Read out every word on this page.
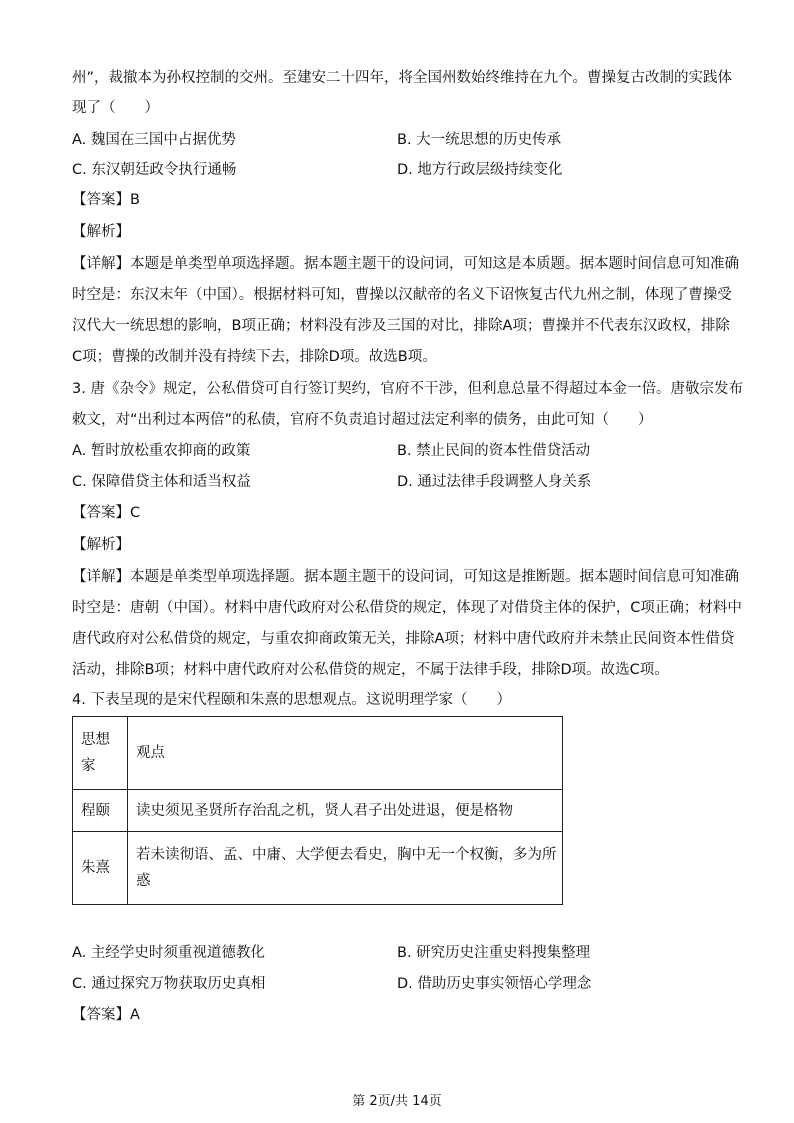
州”，裁撤本为孙权控制的交州。至建安二十四年，将全国州数始终维持在九个。曹操复古改制的实践体
现了（　　）
A. 魏国在三国中占据优势	B. 大一统思想的历史传承
C. 东汉朝廷政令执行通畅	D. 地方行政层级持续变化
【答案】B
【解析】
【详解】本题是单类型单项选择题。据本题主题干的设问词，可知这是本质题。据本题时间信息可知准确
时空是：东汉末年（中国）。根据材料可知，曹操以汉献帝的名义下诏恢复古代九州之制，体现了曹操受
汉代大一统思想的影响，B项正确；材料没有涉及三国的对比，排除A项；曹操并不代表东汉政权，排除
C项；曹操的改制并没有持续下去，排除D项。故选B项。
3. 唐《杂令》规定，公私借贷可自行签订契约，官府不干涉，但利息总量不得超过本金一倍。唐敬宗发布
敕文，对“出利过本两倍”的私债，官府不负责追讨超过法定利率的债务，由此可知（　　）
A. 暂时放松重农抑商的政策	B. 禁止民间的资本性借贷活动
C. 保障借贷主体和适当权益	D. 通过法律手段调整人身关系
【答案】C
【解析】
【详解】本题是单类型单项选择题。据本题主题干的设问词，可知这是推断题。据本题时间信息可知准确
时空是：唐朝（中国）。材料中唐代政府对公私借贷的规定，体现了对借贷主体的保护，C项正确；材料中
唐代政府对公私借贷的规定，与重农抑商政策无关，排除A项；材料中唐代政府并未禁止民间资本性借贷
活动，排除B项；材料中唐代政府对公私借贷的规定，不属于法律手段，排除D项。故选C项。
4. 下表呈现的是宋代程颐和朱熹的思想观点。这说明理学家（　　）
思想
家	观点
程颐	读史须见圣贤所存治乱之机，贤人君子出处进退，便是格物
朱熹	若未读彻语、孟、中庸、大学便去看史，胸中无一个权衡，多为所
惑
A. 主经学史时须重视道德教化	B. 研究历史注重史料搜集整理
C. 通过探究万物获取历史真相	D. 借助历史事实领悟心学理念
【答案】A
第 2页/共 14页
